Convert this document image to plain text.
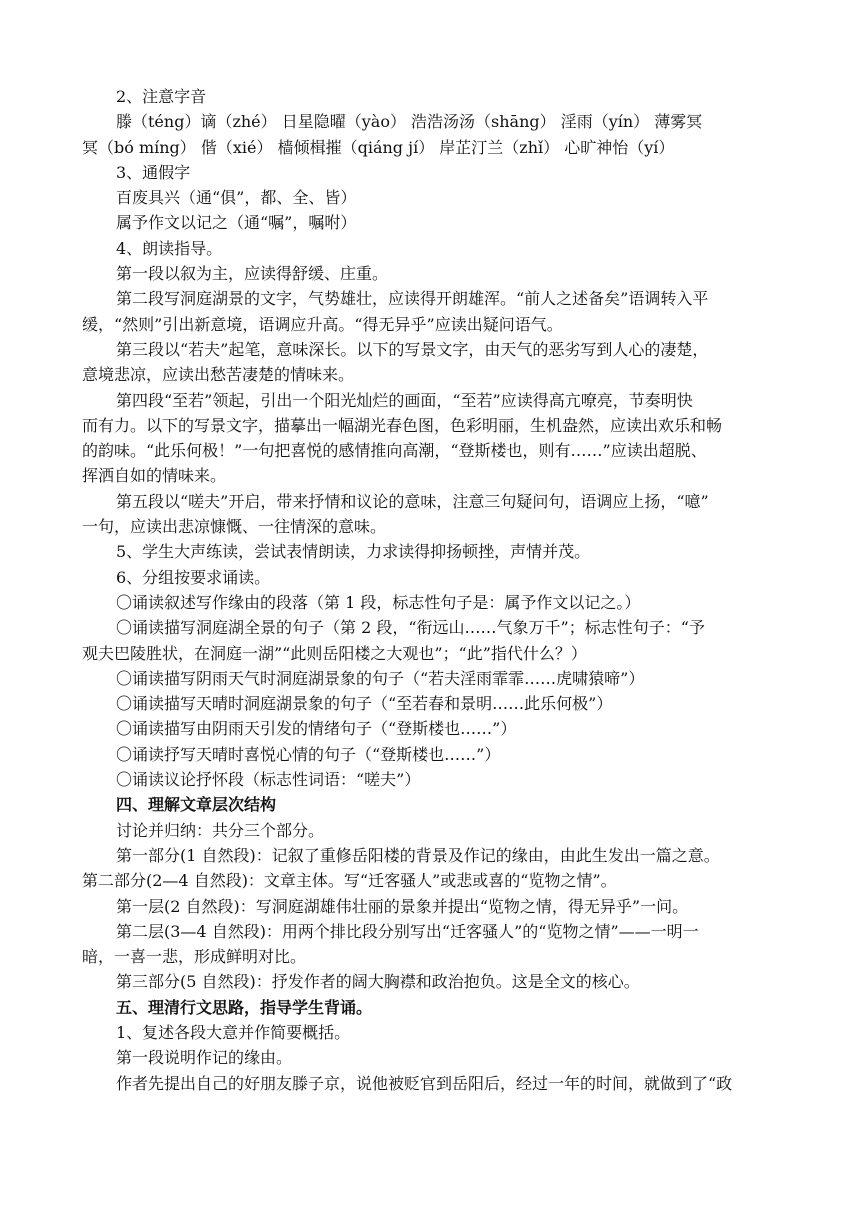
2、注意字音
滕（téng）谪（zhé） 日星隐曜（yào） 浩浩汤汤（shāng） 淫雨（yín） 薄雾冥
冥（bó míng） 偕（xié） 樯倾楫摧（qiáng jí） 岸芷汀兰（zhǐ） 心旷神怡（yí）
3、通假字
百废具兴（通“俱”，都、全、皆）
属予作文以记之（通“嘱”，嘱咐）
4、朗读指导。
第一段以叙为主，应读得舒缓、庄重。
第二段写洞庭湖景的文字，气势雄壮，应读得开朗雄浑。“前人之述备矣”语调转入平
缓，“然则”引出新意境，语调应升高。“得无异乎”应读出疑问语气。
第三段以“若夫”起笔，意味深长。以下的写景文字，由天气的恶劣写到人心的凄楚，
意境悲凉，应读出愁苦凄楚的情味来。
第四段“至若”领起，引出一个阳光灿烂的画面，“至若”应读得高亢嘹亮，节奏明快
而有力。以下的写景文字，描摹出一幅湖光春色图，色彩明丽，生机盎然，应读出欢乐和畅
的韵味。“此乐何极！”一句把喜悦的感情推向高潮，“登斯楼也，则有……”应读出超脱、
挥洒自如的情味来。
第五段以“嗟夫”开启，带来抒情和议论的意味，注意三句疑问句，语调应上扬，“噫”
一句，应读出悲凉慷慨、一往情深的意味。
5、学生大声练读，尝试表情朗读，力求读得抑扬顿挫，声情并茂。
6、分组按要求诵读。
〇诵读叙述写作缘由的段落（第 1 段，标志性句子是：属予作文以记之。）
〇诵读描写洞庭湖全景的句子（第 2 段，“衔远山……气象万千”；标志性句子：“予
观夫巴陵胜状，在洞庭一湖”“此则岳阳楼之大观也”；“此”指代什么？）
〇诵读描写阴雨天气时洞庭湖景象的句子（“若夫淫雨霏霏……虎啸猿啼”）
〇诵读描写天晴时洞庭湖景象的句子（“至若春和景明……此乐何极”）
〇诵读描写由阴雨天引发的情绪句子（“登斯楼也……”）
〇诵读抒写天晴时喜悦心情的句子（“登斯楼也……”）
〇诵读议论抒怀段（标志性词语：“嗟夫”）
四、理解文章层次结构
讨论并归纳：共分三个部分。
第一部分(1 自然段)：记叙了重修岳阳楼的背景及作记的缘由，由此生发出一篇之意。
第二部分(2—4 自然段)：文章主体。写“迁客骚人”或悲或喜的“览物之情”。
第一层(2 自然段)：写洞庭湖雄伟壮丽的景象并提出“览物之情，得无异乎”一问。
第二层(3—4 自然段)：用两个排比段分别写出“迁客骚人”的“览物之情”——一明一
暗，一喜一悲，形成鲜明对比。
第三部分(5 自然段)：抒发作者的阔大胸襟和政治抱负。这是全文的核心。
五、理清行文思路，指导学生背诵。
1、复述各段大意并作简要概括。
第一段说明作记的缘由。
作者先提出自己的好朋友滕子京，说他被贬官到岳阳后，经过一年的时间，就做到了“政
